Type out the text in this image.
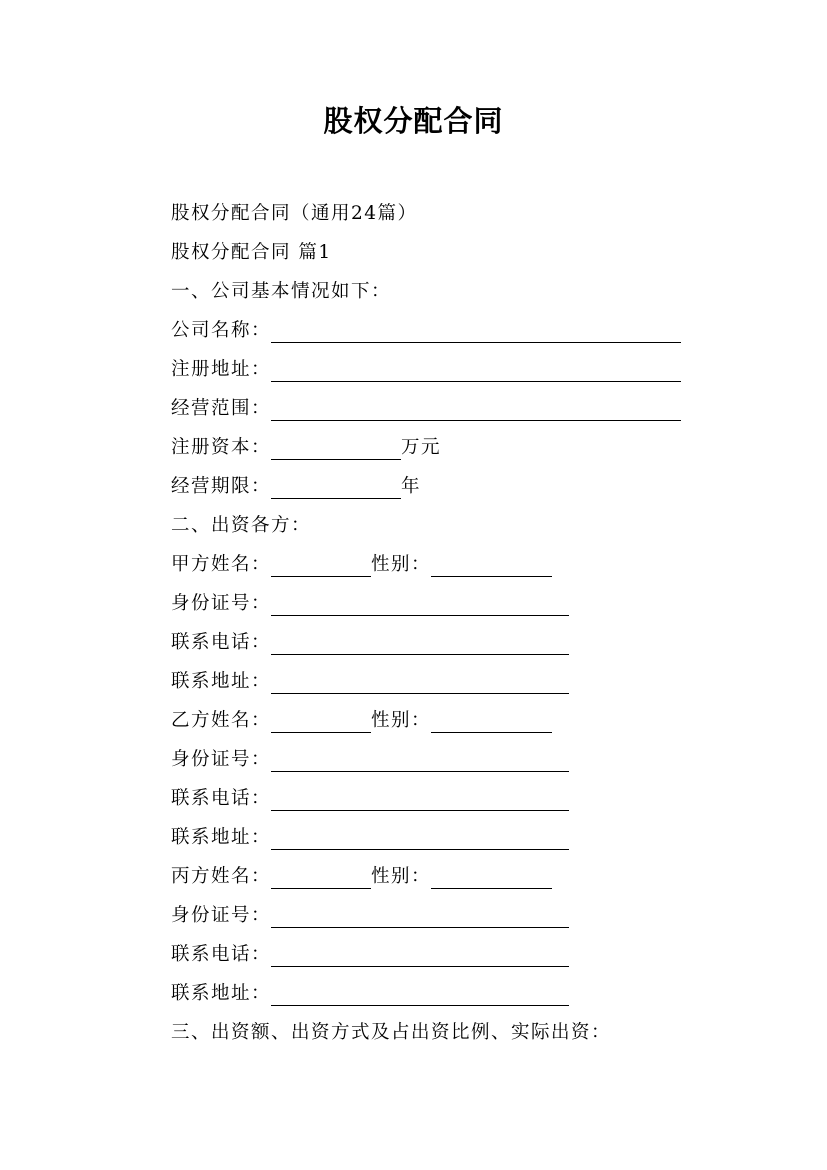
股权分配合同
股权分配合同（通用24篇）
股权分配合同 篇1
一、公司基本情况如下：
公司名称：
注册地址：
经营范围：
注册资本：	万元
经营期限：	年
二、出资各方：
甲方姓名：	性别：
身份证号：
联系电话：
联系地址：
乙方姓名：	性别：
身份证号：
联系电话：
联系地址：
丙方姓名：	性别：
身份证号：
联系电话：
联系地址：
三、出资额、出资方式及占出资比例、实际出资：
